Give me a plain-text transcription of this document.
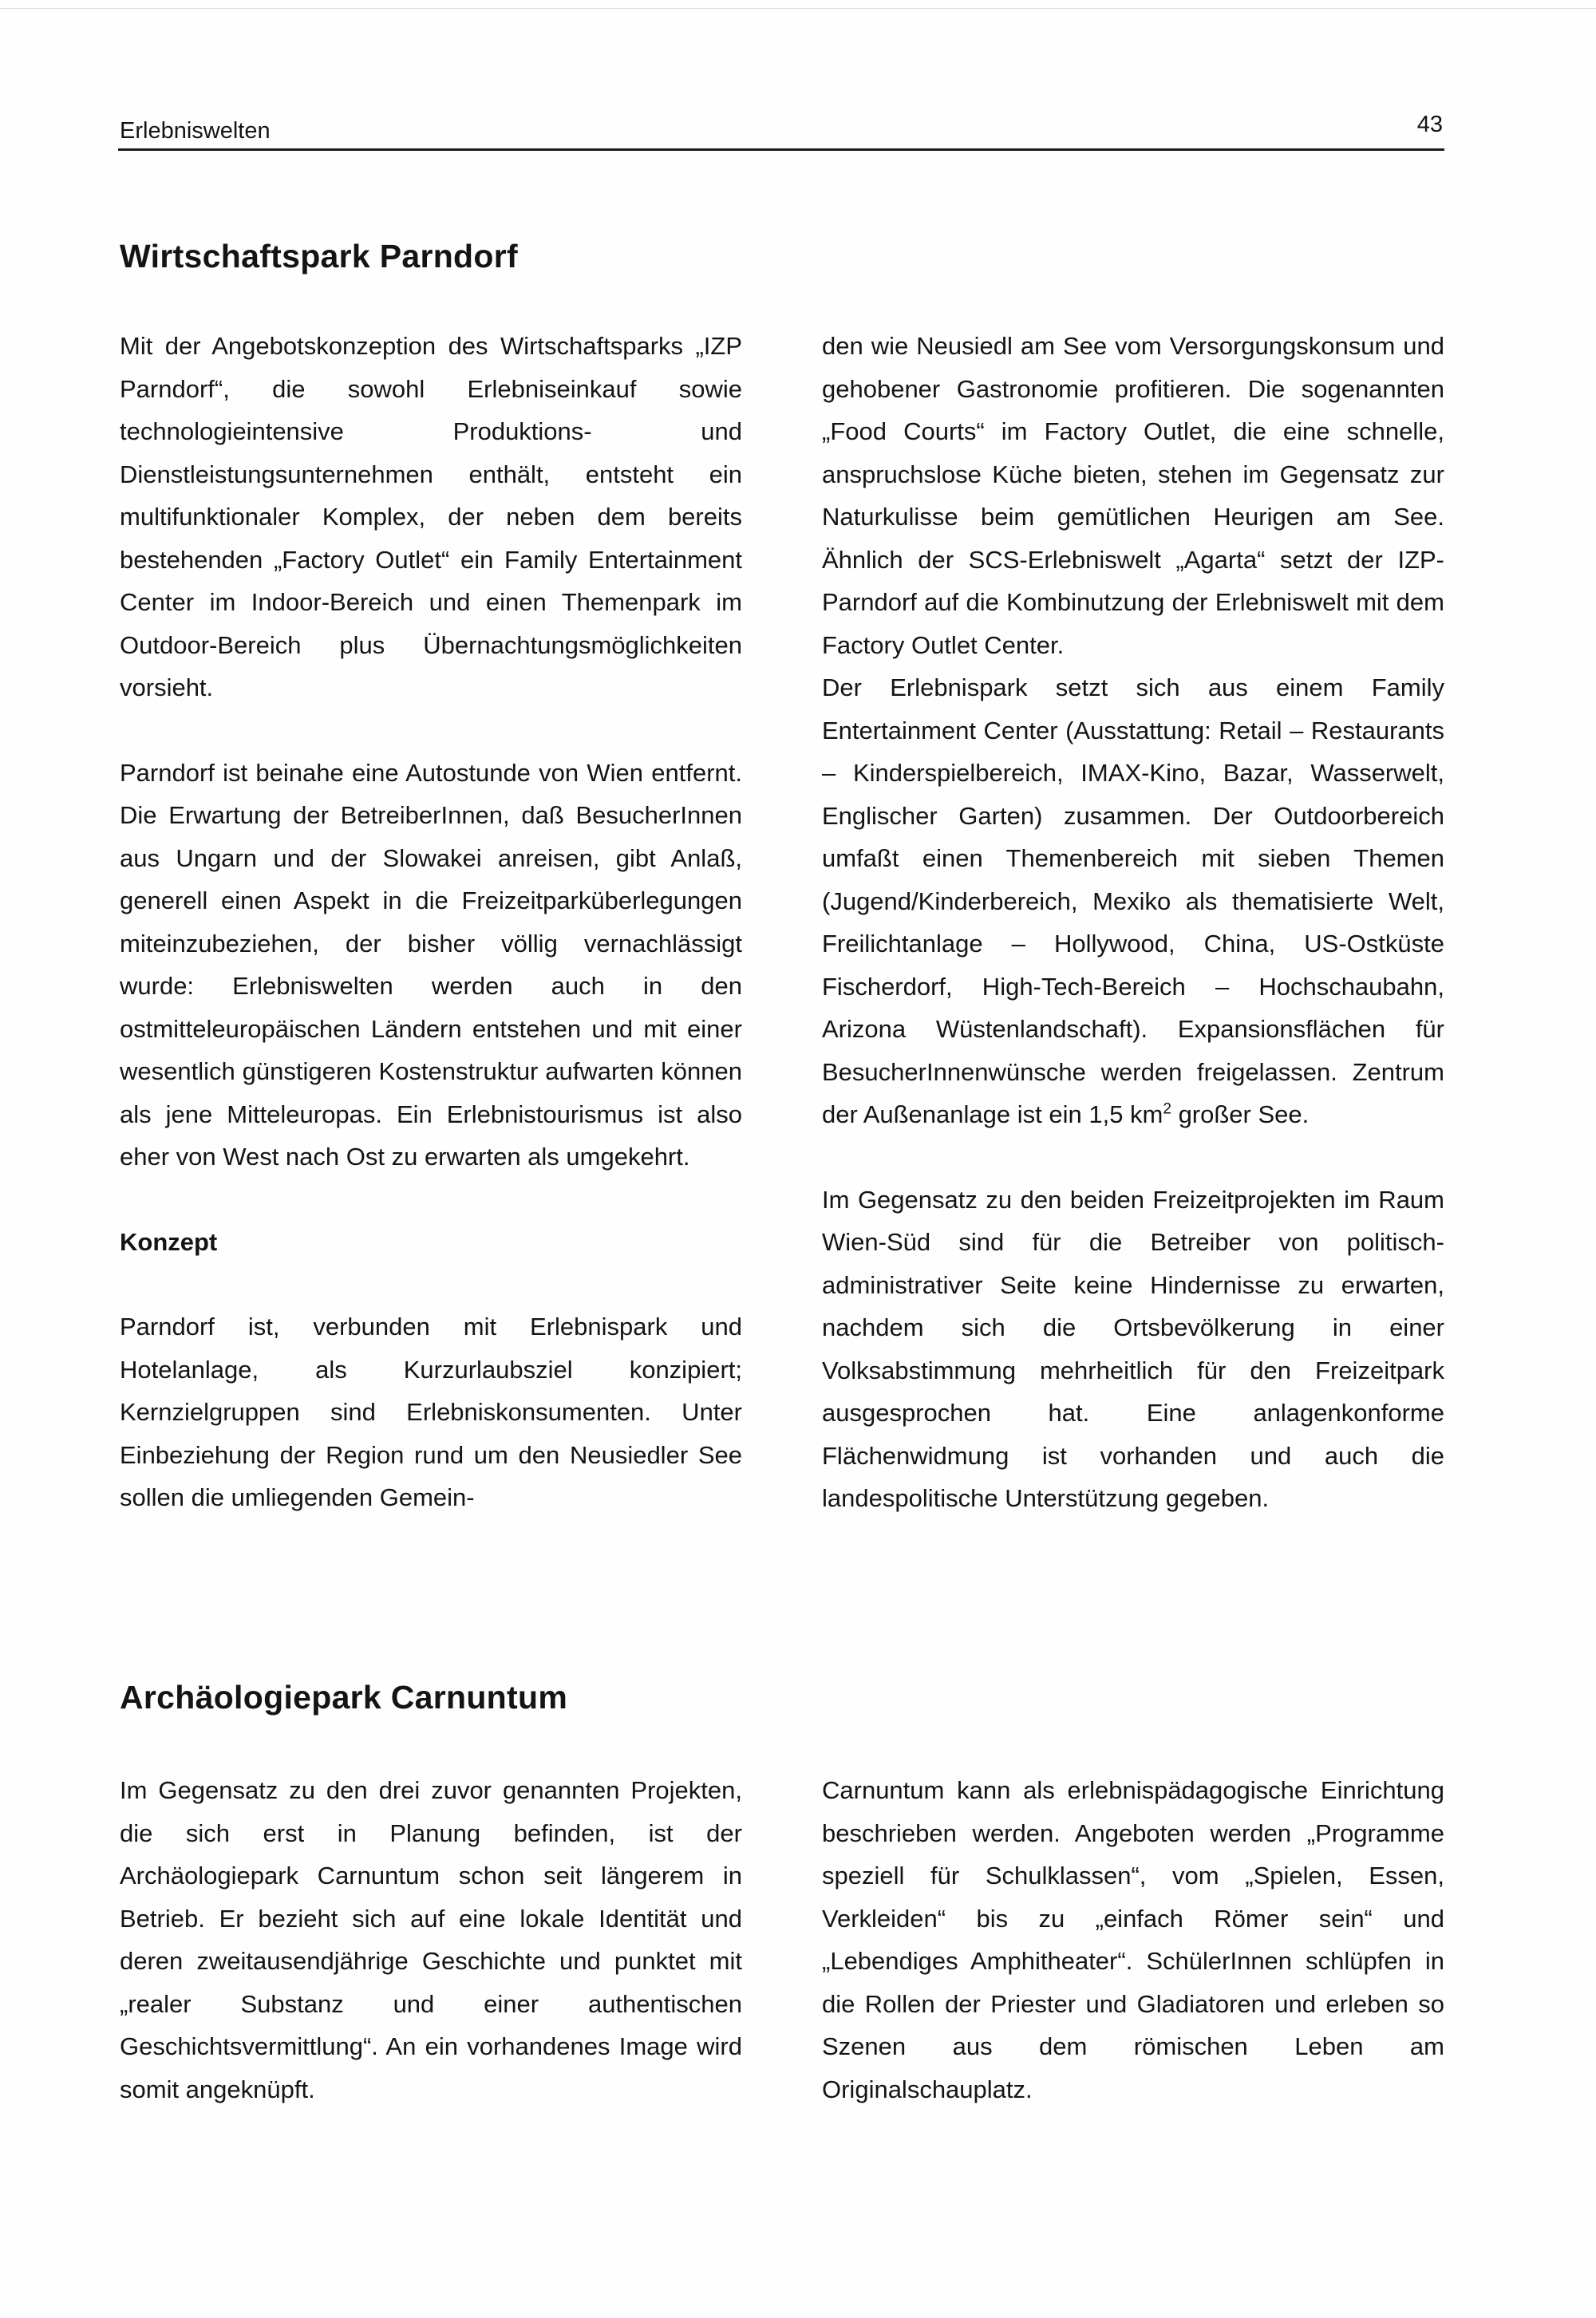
Erlebniswelten	43
Wirtschaftspark Parndorf

Mit der Angebotskonzeption des Wirtschaftsparks „IZP Parndorf“, die sowohl Erlebniseinkauf sowie technologieintensive Produktions- und Dienstleistungsunternehmen enthält, entsteht ein multifunktionaler Komplex, der neben dem bereits bestehenden „Factory Outlet“ ein Family Entertainment Center im Indoor-Bereich und einen Themenpark im Outdoor-Bereich plus Übernachtungsmöglichkeiten vorsieht.

Parndorf ist beinahe eine Autostunde von Wien entfernt. Die Erwartung der BetreiberInnen, daß BesucherInnen aus Ungarn und der Slowakei anreisen, gibt Anlaß, generell einen Aspekt in die Freizeitparküberlegungen miteinzubeziehen, der bisher völlig vernachlässigt wurde: Erlebniswelten werden auch in den ostmitteleuropäischen Ländern entstehen und mit einer wesentlich günstigeren Kostenstruktur aufwarten können als jene Mitteleuropas. Ein Erlebnistourismus ist also eher von West nach Ost zu erwarten als umgekehrt.

Konzept

Parndorf ist, verbunden mit Erlebnispark und Hotelanlage, als Kurzurlaubsziel konzipiert; Kernzielgruppen sind Erlebniskonsumenten. Unter Einbeziehung der Region rund um den Neusiedler See sollen die umliegenden Gemein-

den wie Neusiedl am See vom Versorgungskonsum und gehobener Gastronomie profitieren. Die sogenannten „Food Courts“ im Factory Outlet, die eine schnelle, anspruchslose Küche bieten, stehen im Gegensatz zur Naturkulisse beim gemütlichen Heurigen am See. Ähnlich der SCS-Erlebniswelt „Agarta“ setzt der IZP-Parndorf auf die Kombinutzung der Erlebniswelt mit dem Factory Outlet Center.

Der Erlebnispark setzt sich aus einem Family Entertainment Center (Ausstattung: Retail – Restaurants – Kinderspielbereich, IMAX-Kino, Bazar, Wasserwelt, Englischer Garten) zusammen. Der Outdoorbereich umfaßt einen Themenbereich mit sieben Themen (Jugend/Kinderbereich, Mexiko als thematisierte Welt, Freilichtanlage – Hollywood, China, US-Ostküste Fischerdorf, High-Tech-Bereich – Hochschaubahn, Arizona Wüstenlandschaft). Expansionsflächen für BesucherInnenwünsche werden freigelassen. Zentrum der Außenanlage ist ein 1,5 $km^2$ großer See.

Im Gegensatz zu den beiden Freizeitprojekten im Raum Wien-Süd sind für die Betreiber von politisch-administrativer Seite keine Hindernisse zu erwarten, nachdem sich die Ortsbevölkerung in einer Volksabstimmung mehrheitlich für den Freizeitpark ausgesprochen hat. Eine anlagenkonforme Flächenwidmung ist vorhanden und auch die landespolitische Unterstützung gegeben.

Archäologiepark Carnuntum

Im Gegensatz zu den drei zuvor genannten Projekten, die sich erst in Planung befinden, ist der Archäologiepark Carnuntum schon seit längerem in Betrieb. Er bezieht sich auf eine lokale Identität und deren zweitausendjährige Geschichte und punktet mit „realer Substanz und einer authentischen Geschichtsvermittlung“. An ein vorhandenes Image wird somit angeknüpft.

Carnuntum kann als erlebnispädagogische Einrichtung beschrieben werden. Angeboten werden „Programme speziell für Schulklassen“, vom „Spielen, Essen, Verkleiden“ bis zu „einfach Römer sein“ und „Lebendiges Amphitheater“. SchülerInnen schlüpfen in die Rollen der Priester und Gladiatoren und erleben so Szenen aus dem römischen Leben am Originalschauplatz.
